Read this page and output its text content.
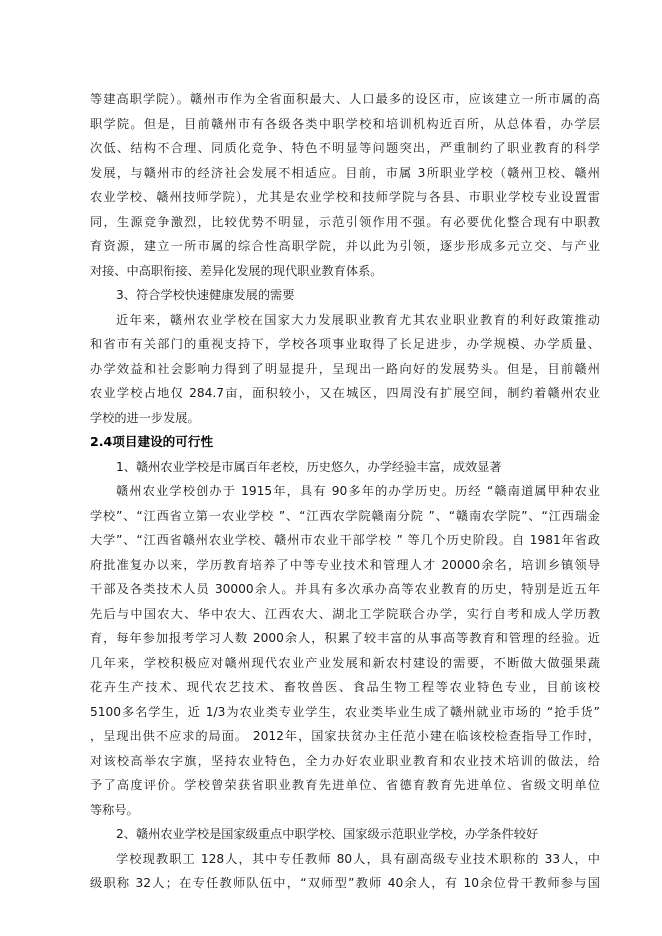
等建高职学院）。赣州市作为全省面积最大、人口最多的设区市，应该建立一所市属的高
职学院。但是，目前赣州市有各级各类中职学校和培训机构近百所，从总体看，办学层
次低、结构不合理、同质化竞争、特色不明显等问题突出，严重制约了职业教育的科学
发展，与赣州市的经济社会发展不相适应。目前，市属 3所职业学校（赣州卫校、赣州
农业学校、赣州技师学院），尤其是农业学校和技师学院与各县、市职业学校专业设置雷
同，生源竞争激烈，比较优势不明显，示范引领作用不强。有必要优化整合现有中职教
育资源，建立一所市属的综合性高职学院，并以此为引领，逐步形成多元立交、与产业
对接、中高职衔接、差异化发展的现代职业教育体系。
3、符合学校快速健康发展的需要
近年来，赣州农业学校在国家大力发展职业教育尤其农业职业教育的利好政策推动
和省市有关部门的重视支持下，学校各项事业取得了长足进步，办学规模、办学质量、
办学效益和社会影响力得到了明显提升，呈现出一路向好的发展势头。但是，目前赣州
农业学校占地仅 284.7亩，面积较小，又在城区，四周没有扩展空间，制约着赣州农业
学校的进一步发展。
2.4项目建设的可行性
1、赣州农业学校是市属百年老校，历史悠久，办学经验丰富，成效显著
赣州农业学校创办于 1915年，具有 90多年的办学历史。历经 “赣南道属甲种农业
学校”、“江西省立第一农业学校 ”、“江西农学院赣南分院 ”、“赣南农学院”、“江西瑞金
大学”、“江西省赣州农业学校、赣州市农业干部学校 ” 等几个历史阶段。自 1981年省政
府批准复办以来，学历教育培养了中等专业技术和管理人才 20000余名，培训乡镇领导
干部及各类技术人员 30000余人。并具有多次承办高等农业教育的历史，特别是近五年
先后与中国农大、华中农大、江西农大、湖北工学院联合办学，实行自考和成人学历教
育，每年参加报考学习人数 2000余人，积累了较丰富的从事高等教育和管理的经验。近
几年来，学校积极应对赣州现代农业产业发展和新农村建设的需要，不断做大做强果蔬
花卉生产技术、现代农艺技术、畜牧兽医、食品生物工程等农业特色专业，目前该校
5100多名学生，近 1/3为农业类专业学生，农业类毕业生成了赣州就业市场的 “抢手货”
，呈现出供不应求的局面。 2012年，国家扶贫办主任范小建在临该校检查指导工作时，
对该校高举农字旗，坚持农业特色，全力办好农业职业教育和农业技术培训的做法，给
予了高度评价。学校曾荣获省职业教育先进单位、省德育教育先进单位、省级文明单位
等称号。
2、赣州农业学校是国家级重点中职学校、国家级示范职业学校，办学条件较好
学校现教职工 128人，其中专任教师 80人，具有副高级专业技术职称的 33人，中
级职称 32人；在专任教师队伍中，“双师型”教师 40余人，有 10余位骨干教师参与国
